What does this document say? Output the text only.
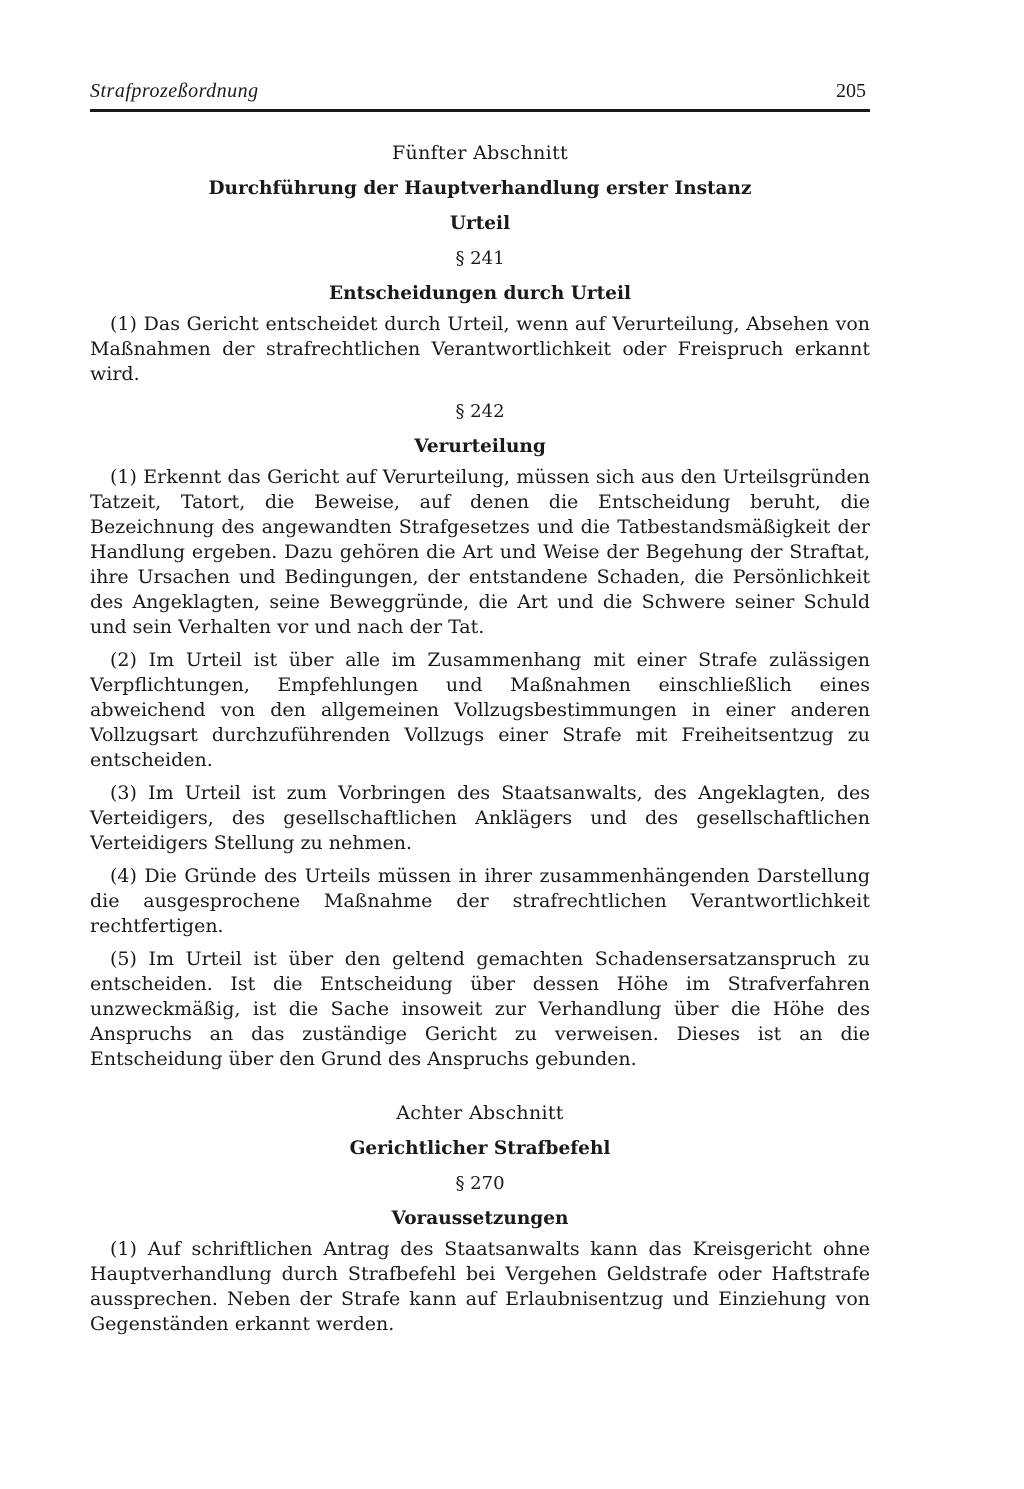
Strafprozeßordnung	205
Fünfter Abschnitt
Durchführung der Hauptverhandlung erster Instanz
Urteil
§ 241
Entscheidungen durch Urteil

(1) Das Gericht entscheidet durch Urteil, wenn auf Verurteilung, Absehen von Maßnahmen der strafrechtlichen Verantwortlichkeit oder Freispruch erkannt wird.

§ 242
Verurteilung

(1) Erkennt das Gericht auf Verurteilung, müssen sich aus den Urteilsgründen Tatzeit, Tatort, die Beweise, auf denen die Entscheidung beruht, die Bezeichnung des angewandten Strafgesetzes und die Tatbestandsmäßigkeit der Handlung ergeben. Dazu gehören die Art und Weise der Begehung der Straftat, ihre Ursachen und Bedingungen, der entstandene Schaden, die Persönlichkeit des Angeklagten, seine Beweggründe, die Art und die Schwere seiner Schuld und sein Verhalten vor und nach der Tat.

(2) Im Urteil ist über alle im Zusammenhang mit einer Strafe zulässigen Verpflichtungen, Empfehlungen und Maßnahmen einschließlich eines abweichend von den allgemeinen Vollzugsbestimmungen in einer anderen Vollzugsart durchzuführenden Vollzugs einer Strafe mit Freiheitsentzug zu entscheiden.

(3) Im Urteil ist zum Vorbringen des Staatsanwalts, des Angeklagten, des Verteidigers, des gesellschaftlichen Anklägers und des gesellschaftlichen Verteidigers Stellung zu nehmen.

(4) Die Gründe des Urteils müssen in ihrer zusammenhängenden Darstellung die ausgesprochene Maßnahme der strafrechtlichen Verantwortlichkeit rechtfertigen.

(5) Im Urteil ist über den geltend gemachten Schadensersatzanspruch zu entscheiden. Ist die Entscheidung über dessen Höhe im Strafverfahren unzweckmäßig, ist die Sache insoweit zur Verhandlung über die Höhe des Anspruchs an das zuständige Gericht zu verweisen. Dieses ist an die Entscheidung über den Grund des Anspruchs gebunden.

Achter Abschnitt
Gerichtlicher Strafbefehl
§ 270
Voraussetzungen

(1) Auf schriftlichen Antrag des Staatsanwalts kann das Kreisgericht ohne Hauptverhandlung durch Strafbefehl bei Vergehen Geldstrafe oder Haftstrafe aussprechen. Neben der Strafe kann auf Erlaubnisentzug und Einziehung von Gegenständen erkannt werden.
